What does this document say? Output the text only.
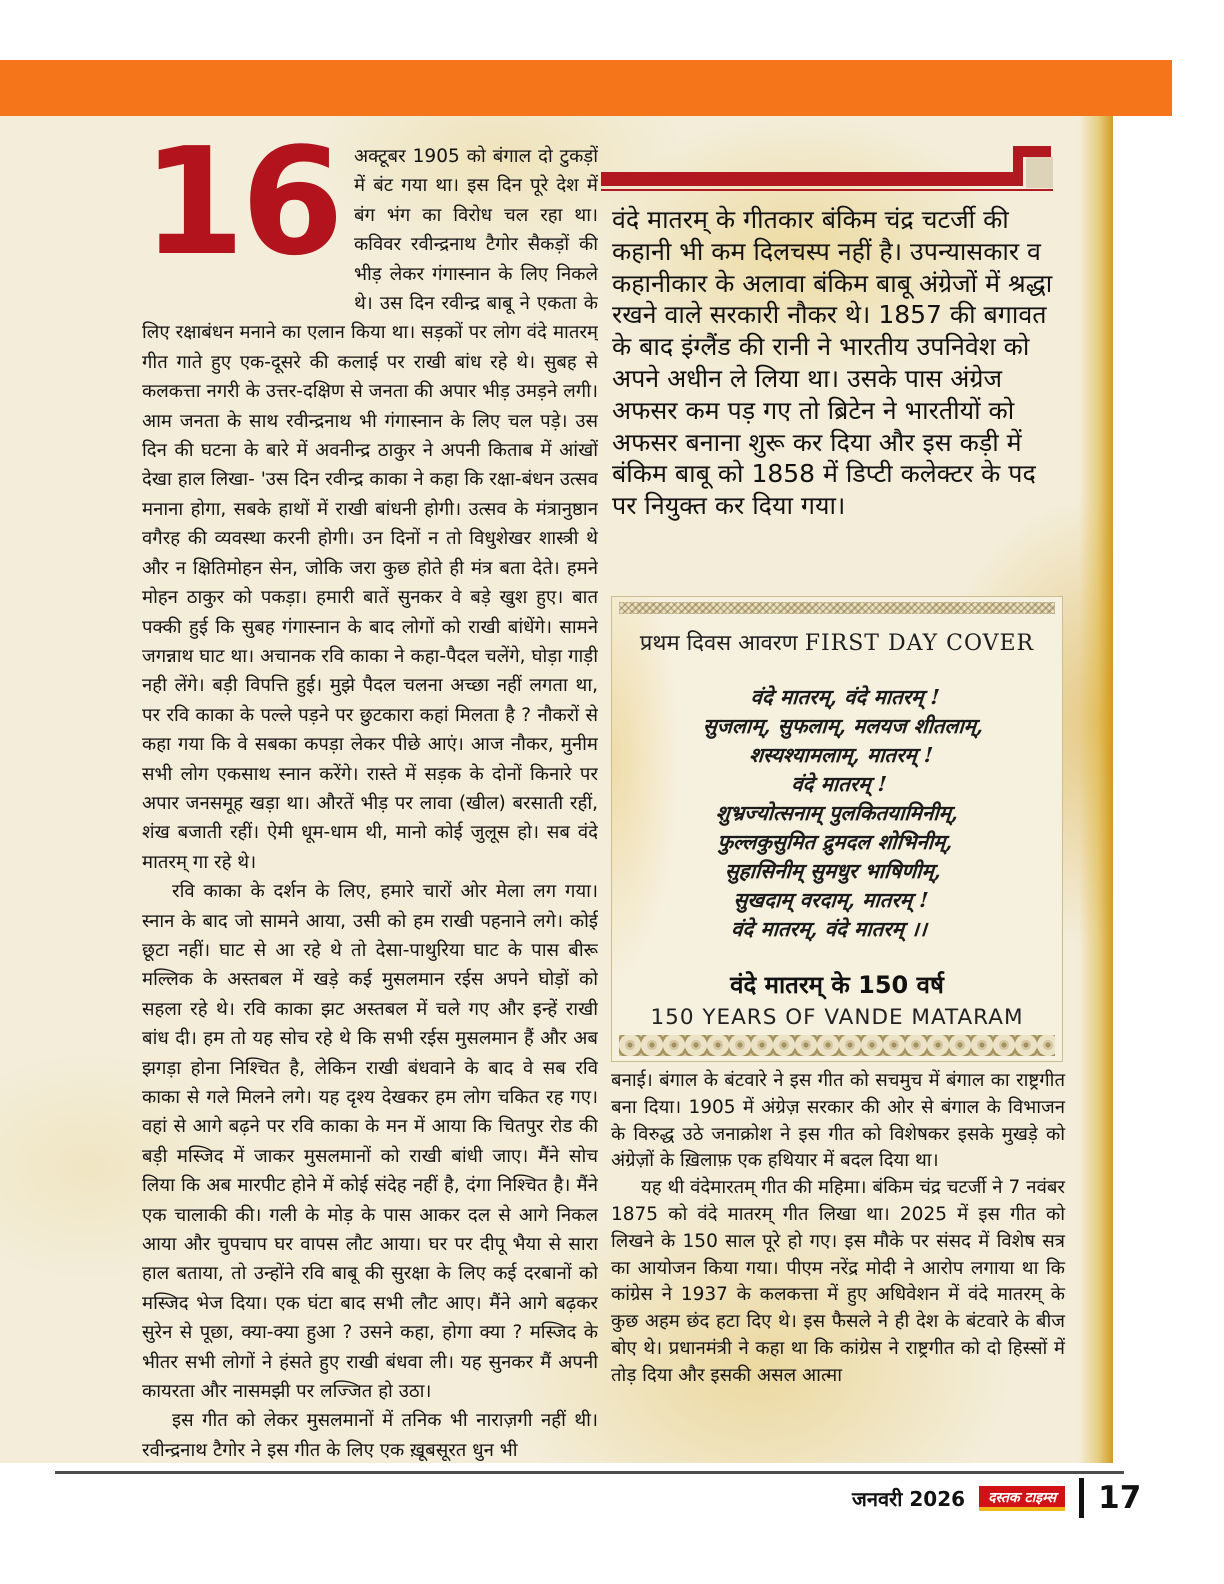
16 अक्टूबर 1905 को बंगाल दो टुकड़ों में बंट गया था। इस दिन पूरे देश में बंग भंग का विरोध चल रहा था। कविवर रवीन्द्रनाथ टैगोर सैकड़ों की भीड़ लेकर गंगास्नान के लिए निकले थे। उस दिन रवीन्द्र बाबू ने एकता के लिए रक्षाबंधन मनाने का एलान किया था। सड़कों पर लोग वंदे मातरम् गीत गाते हुए एक-दूसरे की कलाई पर राखी बांध रहे थे। सुबह से कलकत्ता नगरी के उत्तर-दक्षिण से जनता की अपार भीड़ उमड़ने लगी। आम जनता के साथ रवीन्द्रनाथ भी गंगास्नान के लिए चल पड़े। उस दिन की घटना के बारे में अवनीन्द्र ठाकुर ने अपनी किताब में आंखों देखा हाल लिखा- 'उस दिन रवीन्द्र काका ने कहा कि रक्षा-बंधन उत्सव मनाना होगा, सबके हाथों में राखी बांधनी होगी। उत्सव के मंत्रानुष्ठान वगैरह की व्यवस्था करनी होगी। उन दिनों न तो विधुशेखर शास्त्री थे और न क्षितिमोहन सेन, जोकि जरा कुछ होते ही मंत्र बता देते। हमने मोहन ठाकुर को पकड़ा। हमारी बातें सुनकर वे बड़े खुश हुए। बात पक्की हुई कि सुबह गंगास्नान के बाद लोगों को राखी बांधेंगे। सामने जगन्नाथ घाट था। अचानक रवि काका ने कहा-पैदल चलेंगे, घोड़ा गाड़ी नही लेंगे। बड़ी विपत्ति हुई। मुझे पैदल चलना अच्छा नहीं लगता था, पर रवि काका के पल्ले पड़ने पर छुटकारा कहां मिलता है ? नौकरों से कहा गया कि वे सबका कपड़ा लेकर पीछे आएं। आज नौकर, मुनीम सभी लोग एकसाथ स्नान करेंगे। रास्ते में सड़क के दोनों किनारे पर अपार जनसमूह खड़ा था। औरतें भीड़ पर लावा (खील) बरसाती रहीं, शंख बजाती रहीं। ऐमी धूम-धाम थी, मानो कोई जुलूस हो। सब वंदे मातरम् गा रहे थे।

रवि काका के दर्शन के लिए, हमारे चारों ओर मेला लग गया। स्नान के बाद जो सामने आया, उसी को हम राखी पहनाने लगे। कोई छूटा नहीं। घाट से आ रहे थे तो देसा-पाथुरिया घाट के पास बीरू मल्लिक के अस्तबल में खड़े कई मुसलमान रईस अपने घोड़ों को सहला रहे थे। रवि काका झट अस्तबल में चले गए और इन्हें राखी बांध दी। हम तो यह सोच रहे थे कि सभी रईस मुसलमान हैं और अब झगड़ा होना निश्चित है, लेकिन राखी बंधवाने के बाद वे सब रवि काका से गले मिलने लगे। यह दृश्य देखकर हम लोग चकित रह गए। वहां से आगे बढ़ने पर रवि काका के मन में आया कि चितपुर रोड की बड़ी मस्जिद में जाकर मुसलमानों को राखी बांधी जाए। मैंने सोच लिया कि अब मारपीट होने में कोई संदेह नहीं है, दंगा निश्चित है। मैंने एक चालाकी की। गली के मोड़ के पास आकर दल से आगे निकल आया और चुपचाप घर वापस लौट आया। घर पर दीपू भैया से सारा हाल बताया, तो उन्होंने रवि बाबू की सुरक्षा के लिए कई दरबानों को मस्जिद भेज दिया। एक घंटा बाद सभी लौट आए। मैंने आगे बढ़कर सुरेन से पूछा, क्या-क्या हुआ ? उसने कहा, होगा क्या ? मस्जिद के भीतर सभी लोगों ने हंसते हुए राखी बंधवा ली। यह सुनकर मैं अपनी कायरता और नासमझी पर लज्जित हो उठा।

इस गीत को लेकर मुसलमानों में तनिक भी नाराज़गी नहीं थी। रवीन्द्रनाथ टैगोर ने इस गीत के लिए एक ख़ूबसूरत धुन भी

वंदे मातरम् के गीतकार बंकिम चंद्र चटर्जी की कहानी भी कम दिलचस्प नहीं है। उपन्यासकार व कहानीकार के अलावा बंकिम बाबू अंग्रेजों में श्रद्धा रखने वाले सरकारी नौकर थे। 1857 की बगावत के बाद इंग्लैंड की रानी ने भारतीय उपनिवेश को अपने अधीन ले लिया था। उसके पास अंग्रेज अफसर कम पड़ गए तो ब्रिटेन ने भारतीयों को अफसर बनाना शुरू कर दिया और इस कड़ी में बंकिम बाबू को 1858 में डिप्टी कलेक्टर के पद पर नियुक्त कर दिया गया।
प्रथम दिवस आवरण FIRST DAY COVER
वंदे मातरम्, वंदे मातरम् !
सुजलाम्, सुफलाम्, मलयज शीतलाम्,
शस्यश्यामलाम्, मातरम् !
वंदे मातरम् !
शुभ्रज्योत्सनाम् पुलकितयामिनीम्,
फुल्लकुसुमित द्रुमदल शोभिनीम्,
सुहासिनीम् सुमधुर भाषिणीम्,
सुखदाम् वरदाम्, मातरम् !
वंदे मातरम्, वंदे मातरम् ।।
वंदे मातरम् के 150 वर्ष
150 YEARS OF VANDE MATARAM

बनाई। बंगाल के बंटवारे ने इस गीत को सचमुच में बंगाल का राष्ट्रगीत बना दिया। 1905 में अंग्रेज़ सरकार की ओर से बंगाल के विभाजन के विरुद्ध उठे जनाक्रोश ने इस गीत को विशेषकर इसके मुखड़े को अंग्रेज़ों के ख़िलाफ़ एक हथियार में बदल दिया था।

यह थी वंदेमारतम् गीत की महिमा। बंकिम चंद्र चटर्जी ने 7 नवंबर 1875 को वंदे मातरम् गीत लिखा था। 2025 में इस गीत को लिखने के 150 साल पूरे हो गए। इस मौके पर संसद में विशेष सत्र का आयोजन किया गया। पीएम नरेंद्र मोदी ने आरोप लगाया था कि कांग्रेस ने 1937 के कलकत्ता में हुए अधिवेशन में वंदे मातरम् के कुछ अहम छंद हटा दिए थे। इस फैसले ने ही देश के बंटवारे के बीज बोए थे। प्रधानमंत्री ने कहा था कि कांग्रेस ने राष्ट्रगीत को दो हिस्सों में तोड़ दिया और इसकी असल आत्मा

जनवरी 2026	दस्तक टाइम्स 17
